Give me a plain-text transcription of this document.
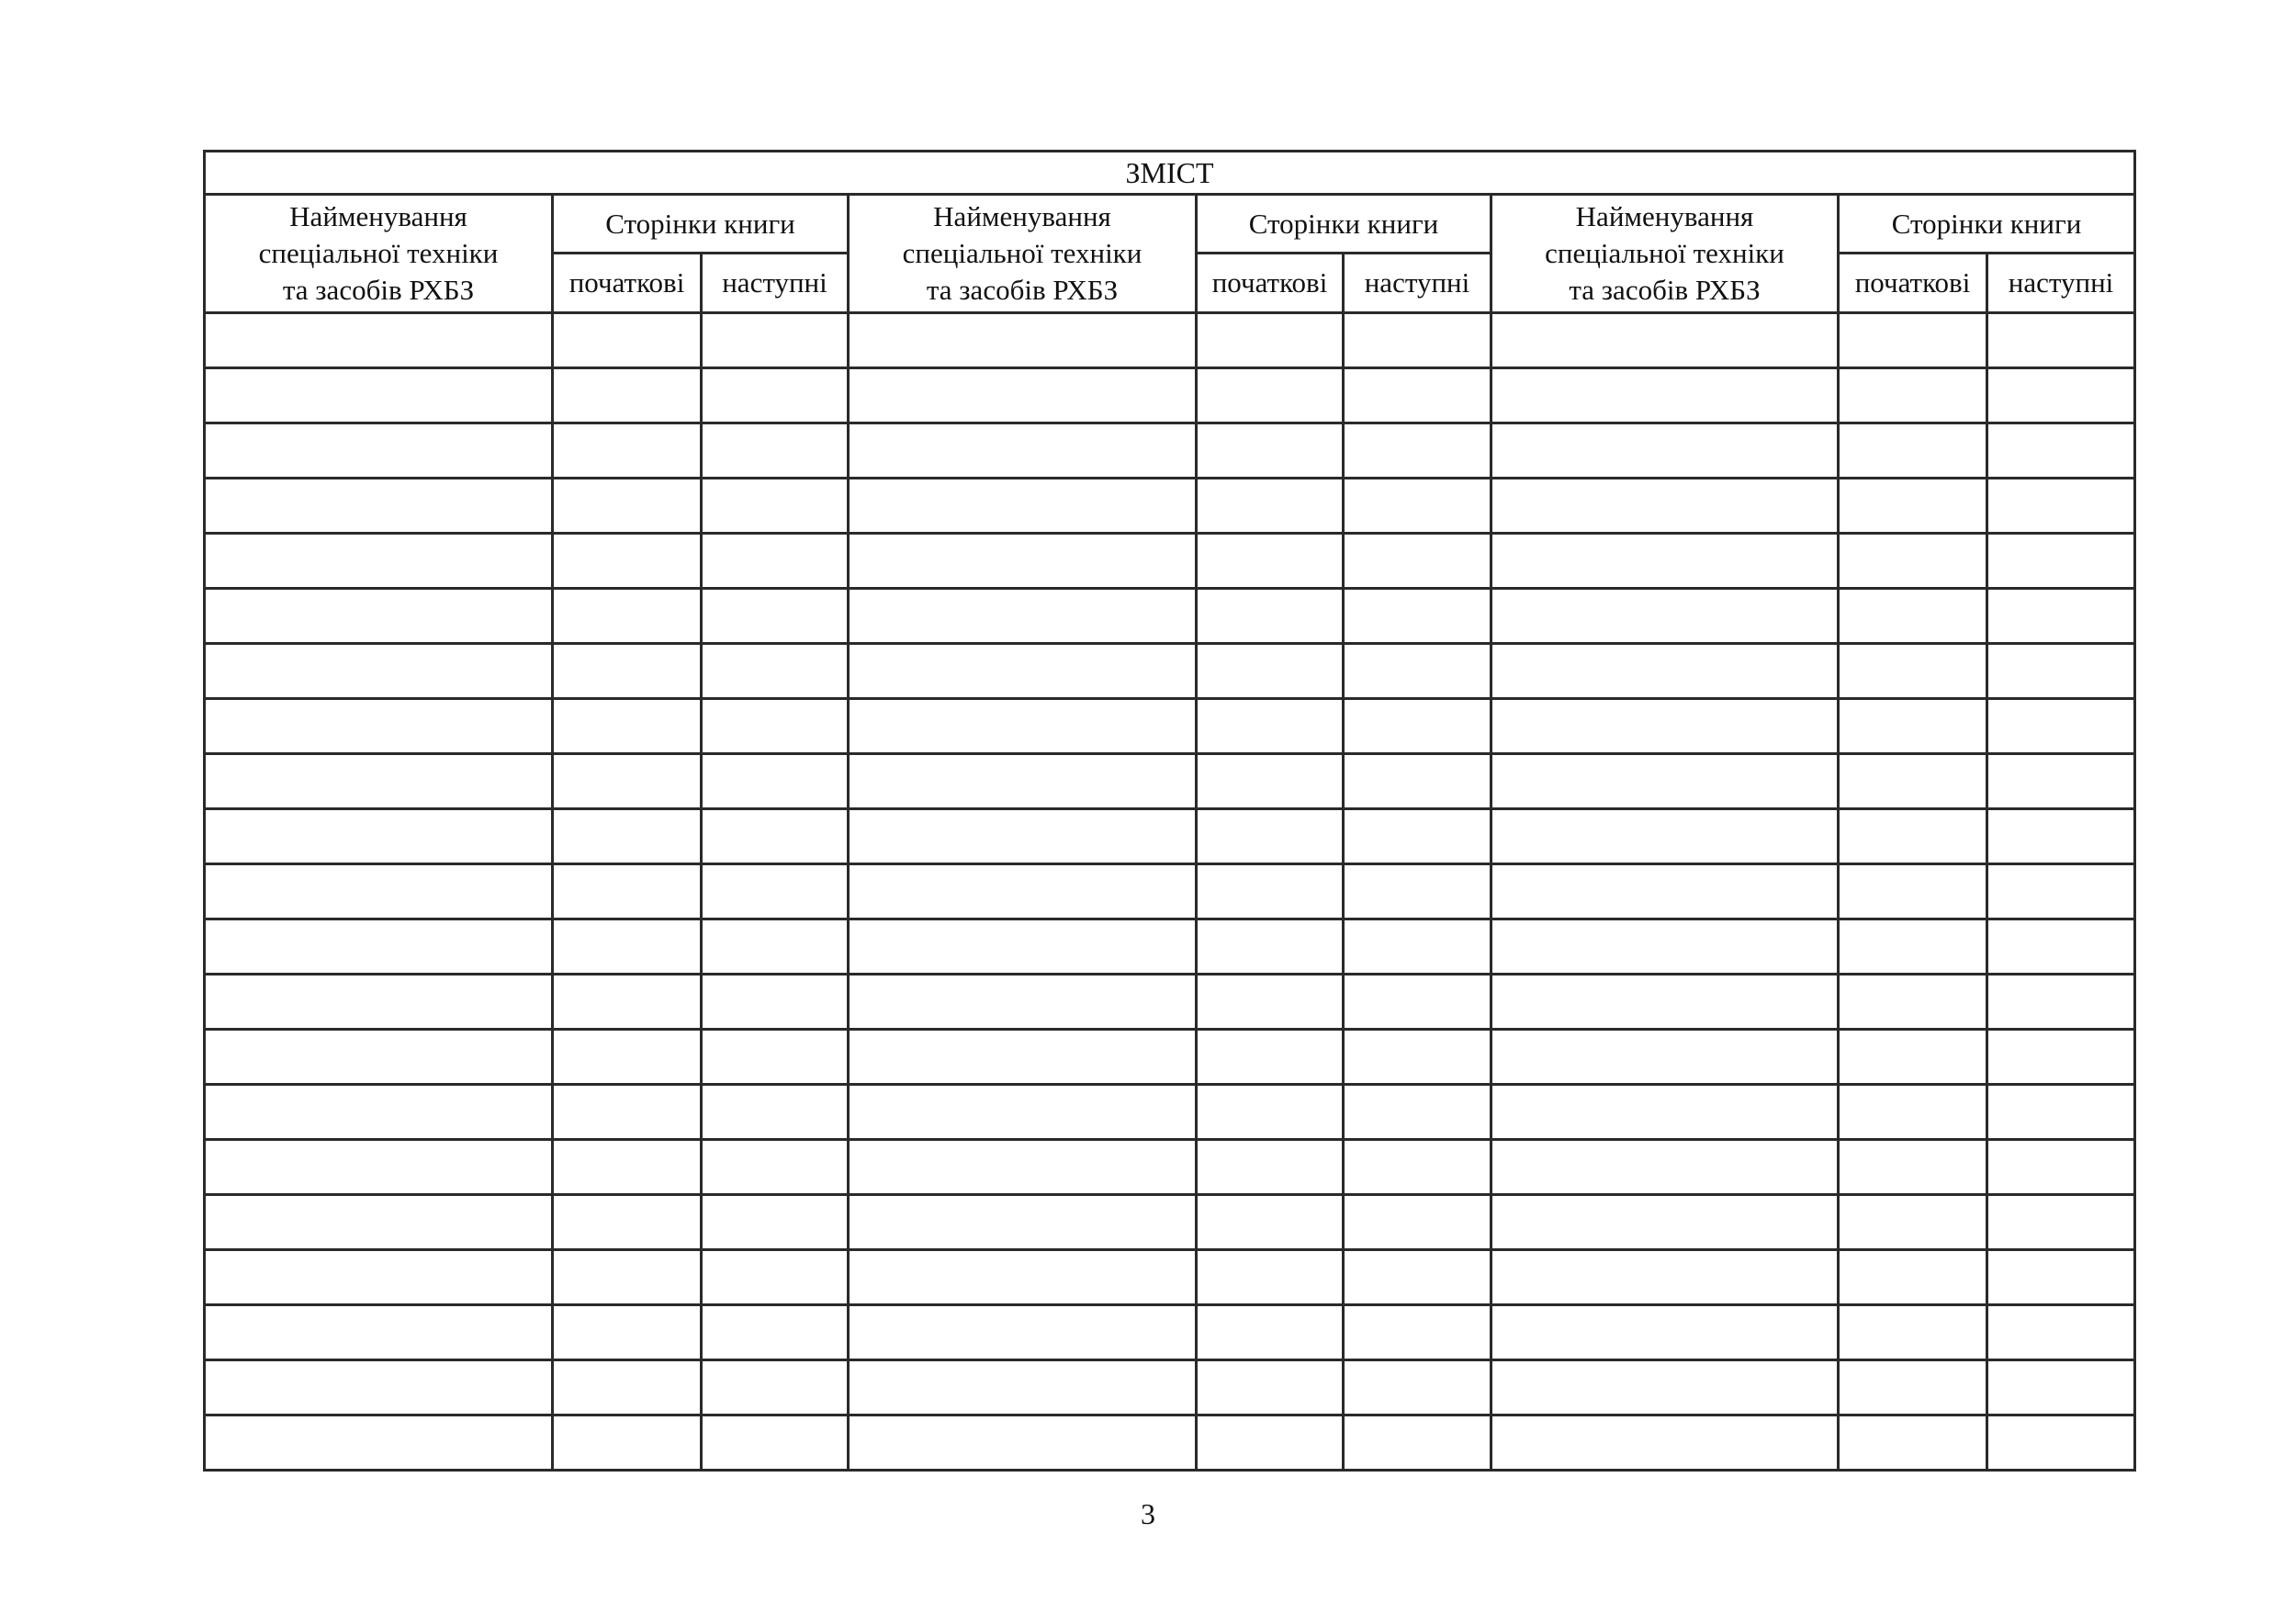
ЗМІСТ								

Найменування
спеціальної техніки
та засобів РХБЗ	Сторінки книги		Найменування
спеціальної техніки
та засобів РХБЗ	Сторінки книги		Найменування
спеціальної техніки
та засобів РХБЗ	Сторінки книги	
	початкові	наступні		початкові	наступні		початкові	наступні

3
